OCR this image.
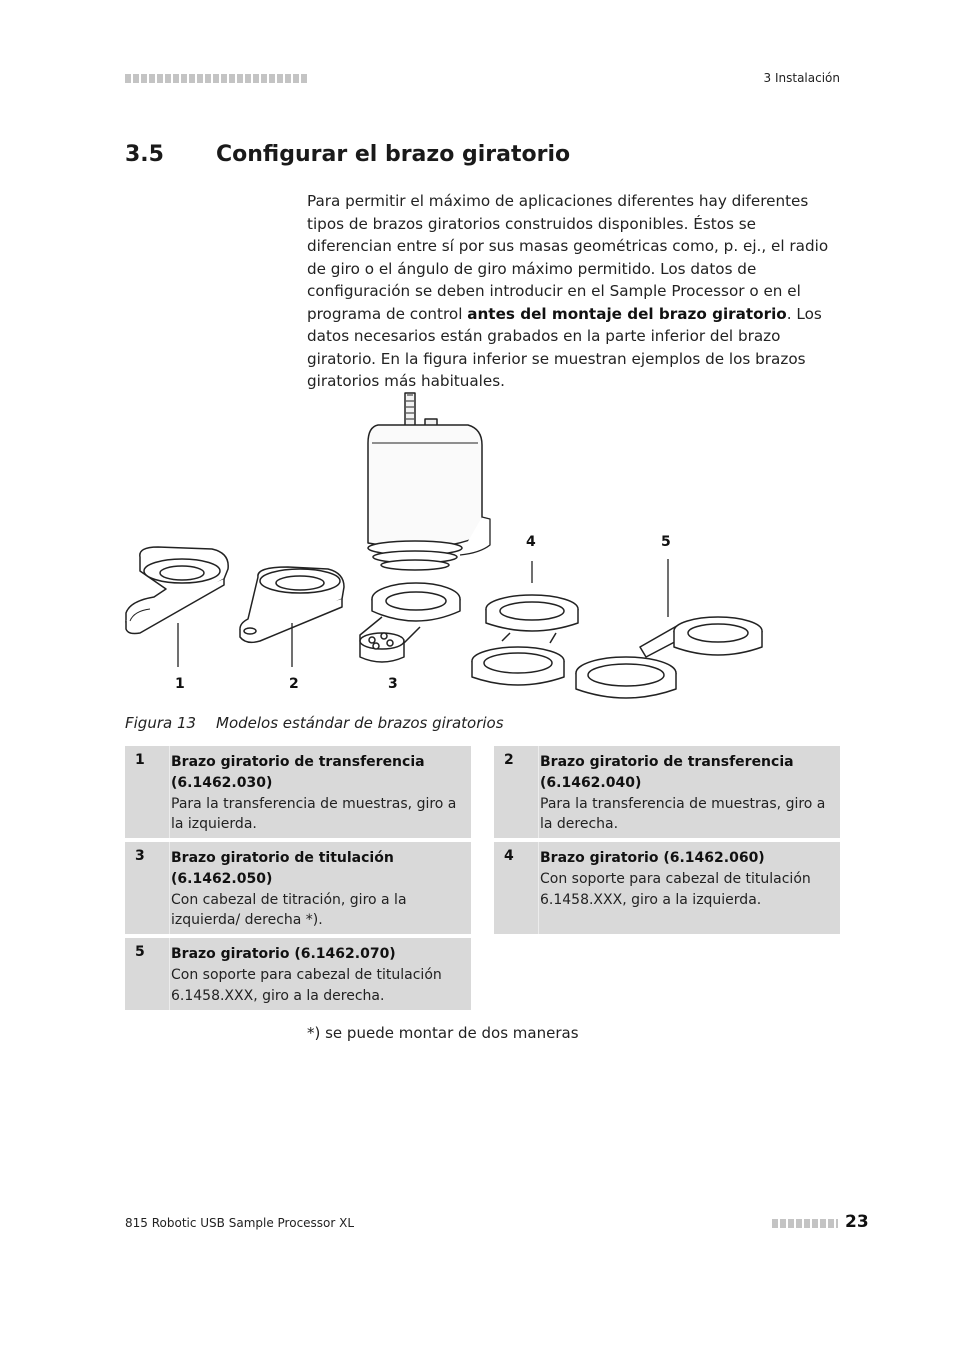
3 Instalación
3.5 Configurar el brazo giratorio
Para permitir el máximo de aplicaciones diferentes hay diferentes tipos de brazos giratorios construidos disponibles. Éstos se diferencian entre sí por sus masas geométricas como, p. ej., el radio de giro o el ángulo de giro máximo permitido. Los datos de configuración se deben introducir en el Sample Processor o en el programa de control antes del montaje del brazo giratorio. Los datos necesarios están grabados en la parte inferior del brazo giratorio. En la figura inferior se muestran ejemplos de los brazos giratorios más habituales.
1	2	3
4	5
Figura 13 Modelos estándar de brazos giratorios
1	Brazo giratorio de transferencia (6.1462.030)
Para la transferencia de muestras, giro a la izquierda.
2	Brazo giratorio de transferencia (6.1462.040)
Para la transferencia de muestras, giro a la derecha.
3	Brazo giratorio de titulación (6.1462.050)
Con cabezal de titración, giro a la izquierda/ derecha *).
4	Brazo giratorio (6.1462.060)
Con soporte para cabezal de titulación 6.1458.XXX, giro a la izquierda.
5	Brazo giratorio (6.1462.070)
Con soporte para cabezal de titulación 6.1458.XXX, giro a la derecha.
*) se puede montar de dos maneras
815 Robotic USB Sample Processor XL	23
